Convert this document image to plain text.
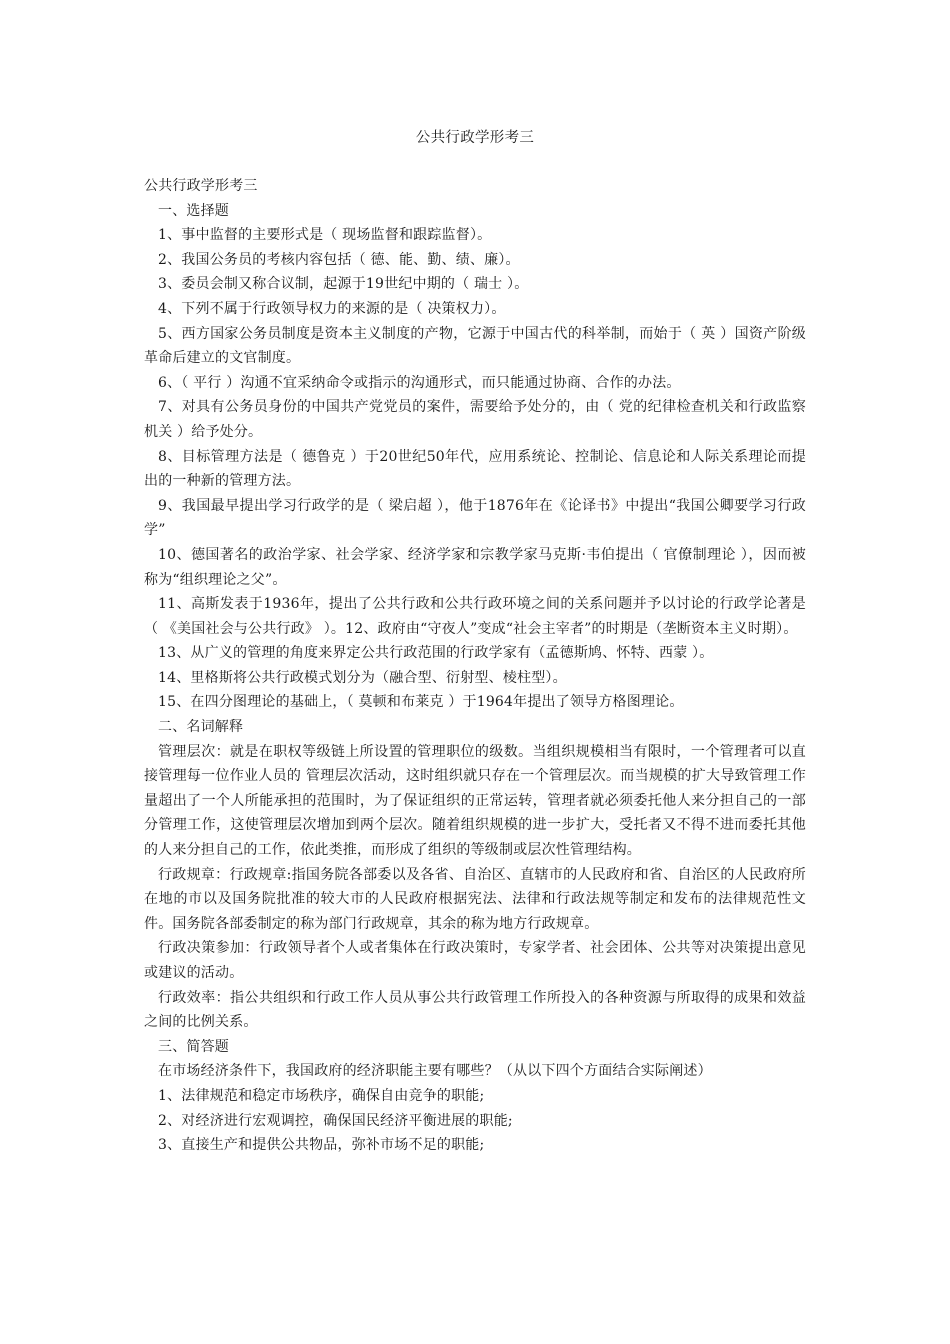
公共行政学形考三

公共行政学形考三

一、选择题

1、事中监督的主要形式是（ 现场监督和跟踪监督）。

2、我国公务员的考核内容包括（ 德、能、勤、绩、廉）。

3、委员会制又称合议制，起源于19世纪中期的（ 瑞士 ）。

4、下列不属于行政领导权力的来源的是（ 决策权力）。

5、西方国家公务员制度是资本主义制度的产物，它源于中国古代的科举制，而始于（ 英 ）国资产阶级革命后建立的文官制度。

6、（ 平行 ）沟通不宜采纳命令或指示的沟通形式，而只能通过协商、合作的办法。

7、对具有公务员身份的中国共产党党员的案件，需要给予处分的，由（ 党的纪律检查机关和行政监察机关 ）给予处分。

8、目标管理方法是（ 德鲁克 ）于20世纪50年代，应用系统论、控制论、信息论和人际关系理论而提出的一种新的管理方法。

9、我国最早提出学习行政学的是（ 梁启超 ），他于1876年在《论译书》中提出“我国公卿要学习行政学”

10、德国著名的政治学家、社会学家、经济学家和宗教学家马克斯·韦伯提出（ 官僚制理论 ），因而被称为“组织理论之父”。

11、高斯发表于1936年，提出了公共行政和公共行政环境之间的关系问题并予以讨论的行政学论著是（ 《美国社会与公共行政》 ）。12、政府由“守夜人”变成“社会主宰者”的时期是（垄断资本主义时期）。

13、从广义的管理的角度来界定公共行政范围的行政学家有（孟德斯鸠、怀特、西蒙 ）。

14、里格斯将公共行政模式划分为（融合型、衍射型、棱柱型）。

15、在四分图理论的基础上，（ 莫顿和布莱克 ）于1964年提出了领导方格图理论。

二、名词解释

管理层次：就是在职权等级链上所设置的管理职位的级数。当组织规模相当有限时，一个管理者可以直接管理每一位作业人员的 管理层次活动，这时组织就只存在一个管理层次。而当规模的扩大导致管理工作量超出了一个人所能承担的范围时，为了保证组织的正常运转，管理者就必须委托他人来分担自己的一部分管理工作，这使管理层次增加到两个层次。随着组织规模的进一步扩大，受托者又不得不进而委托其他的人来分担自己的工作，依此类推，而形成了组织的等级制或层次性管理结构。

行政规章：行政规章:指国务院各部委以及各省、自治区、直辖市的人民政府和省、自治区的人民政府所在地的市以及国务院批准的较大市的人民政府根据宪法、法律和行政法规等制定和发布的法律规范性文件。国务院各部委制定的称为部门行政规章，其余的称为地方行政规章。

行政决策参加：行政领导者个人或者集体在行政决策时，专家学者、社会团体、公共等对决策提出意见或建议的活动。

行政效率：指公共组织和行政工作人员从事公共行政管理工作所投入的各种资源与所取得的成果和效益之间的比例关系。

三、简答题

在市场经济条件下，我国政府的经济职能主要有哪些？（从以下四个方面结合实际阐述）

1、法律规范和稳定市场秩序，确保自由竞争的职能;

2、对经济进行宏观调控，确保国民经济平衡进展的职能;

3、直接生产和提供公共物品，弥补市场不足的职能;
